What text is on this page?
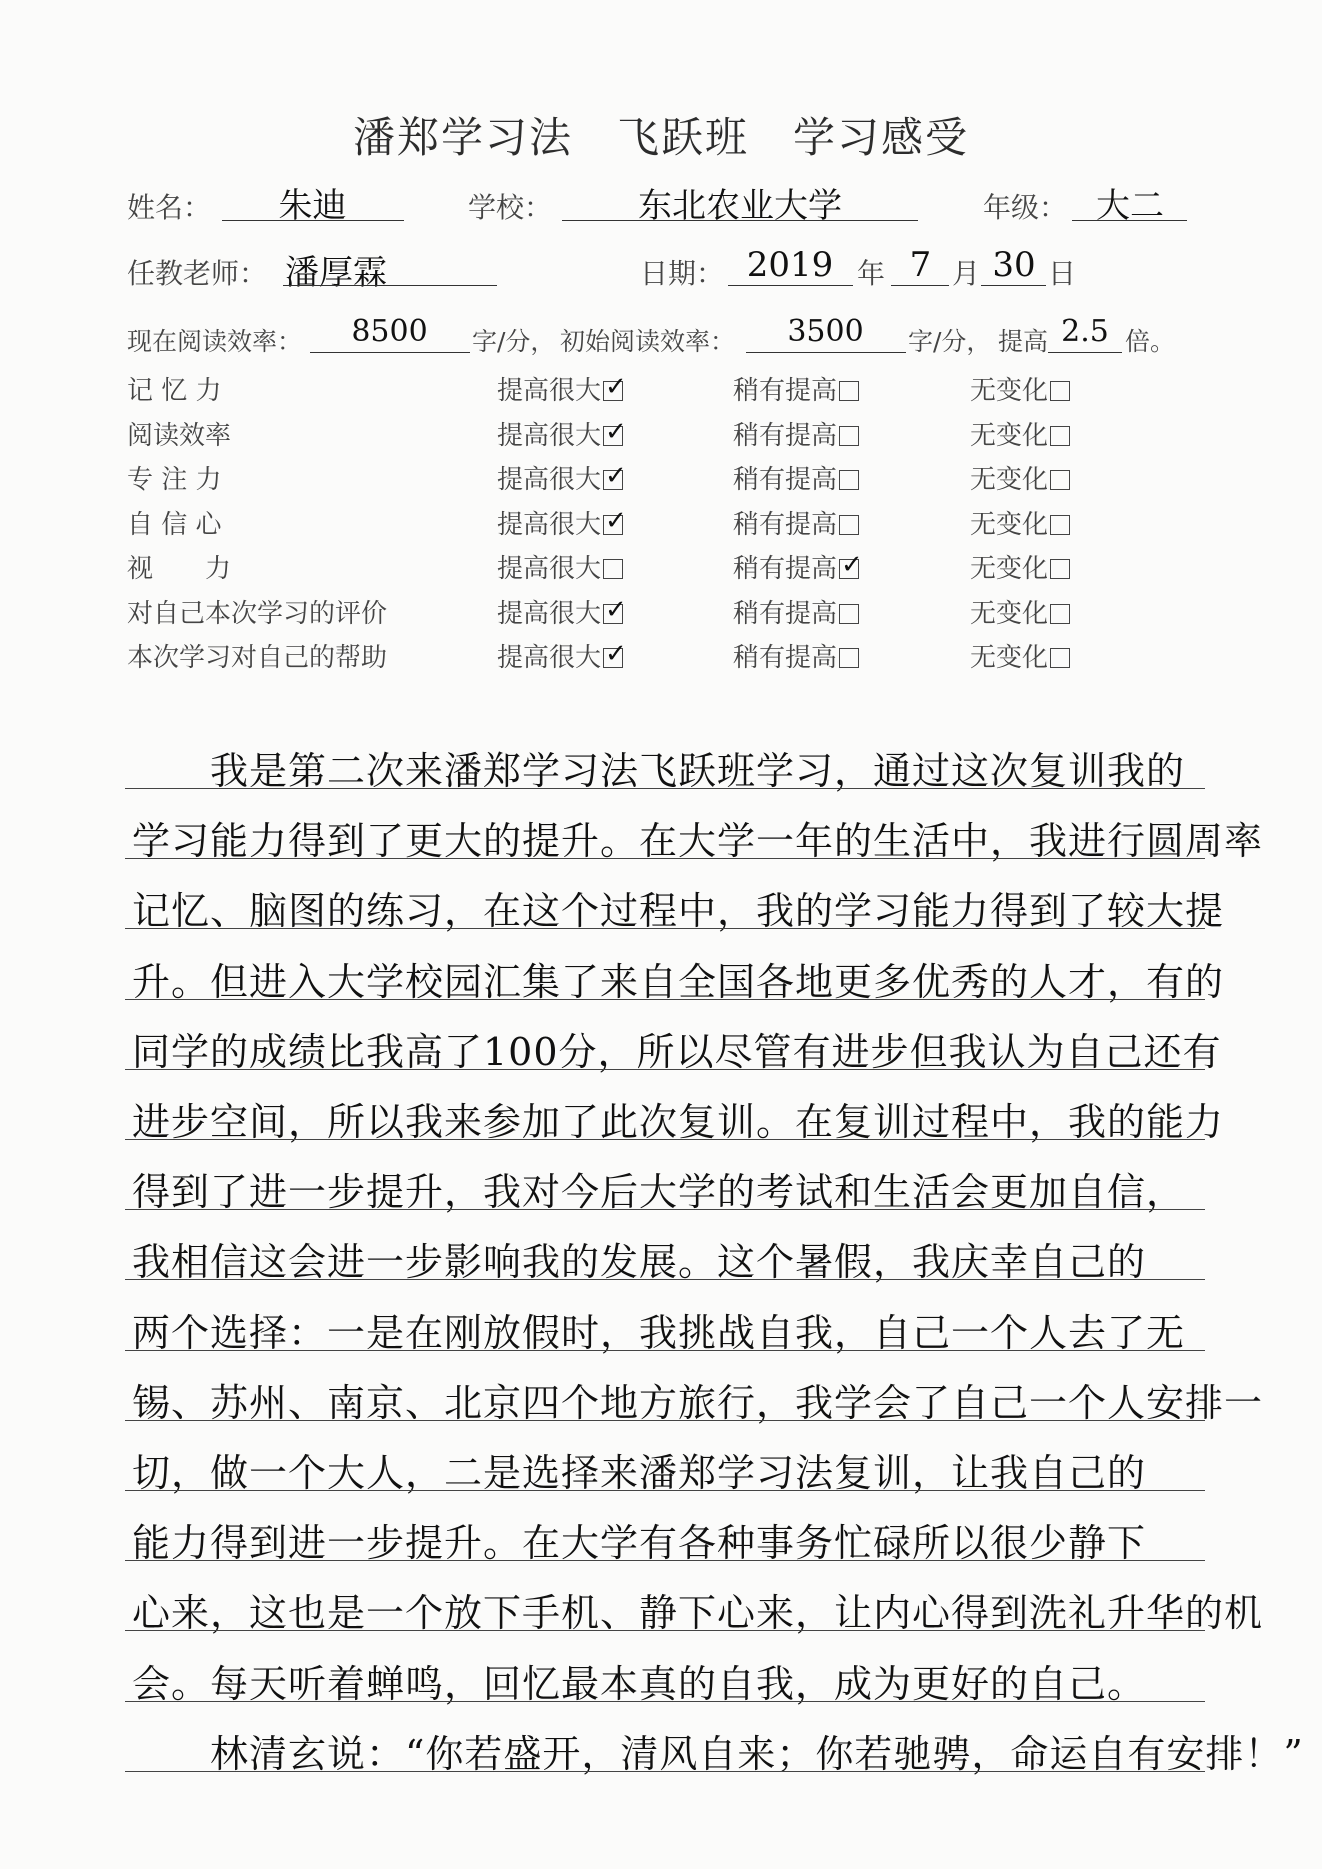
潘郑学习法　飞跃班　学习感受
姓名：	朱迪	学校：	东北农业大学	年级： 大二
任教老师： 潘厚霖	日期： 2019 年 7 月 30 日
现在阅读效率：	8500	字/分， 初始阅读效率：	3500	字/分， 提高 2.5 倍。
记 忆 力	提高很大 ✓	稍有提高	无变化
阅读效率	提高很大 ✓	稍有提高	无变化
专 注 力	提高很大 ✓	稍有提高	无变化
自 信 心	提高很大 ✓	稍有提高	无变化
视　　力	提高很大	稍有提高 ✓	无变化
对自己本次学习的评价	提高很大 ✓	稍有提高	无变化
本次学习对自己的帮助	提高很大 ✓	稍有提高	无变化
　　我是第二次来潘郑学习法飞跃班学习，通过这次复训我的
学习能力得到了更大的提升。在大学一年的生活中，我进行圆周率
记忆、脑图的练习，在这个过程中，我的学习能力得到了较大提
升。但进入大学校园汇集了来自全国各地更多优秀的人才，有的
同学的成绩比我高了100分，所以尽管有进步但我认为自己还有
进步空间，所以我来参加了此次复训。在复训过程中，我的能力
得到了进一步提升，我对今后大学的考试和生活会更加自信，
我相信这会进一步影响我的发展。这个暑假，我庆幸自己的
两个选择：一是在刚放假时，我挑战自我，自己一个人去了无
锡、苏州、南京、北京四个地方旅行，我学会了自己一个人安排一
切，做一个大人，二是选择来潘郑学习法复训，让我自己的
能力得到进一步提升。在大学有各种事务忙碌所以很少静下
心来，这也是一个放下手机、静下心来，让内心得到洗礼升华的机
会。每天听着蝉鸣，回忆最本真的自我，成为更好的自己。
　　林清玄说：“你若盛开，清风自来；你若驰骋，命运自有安排！”
